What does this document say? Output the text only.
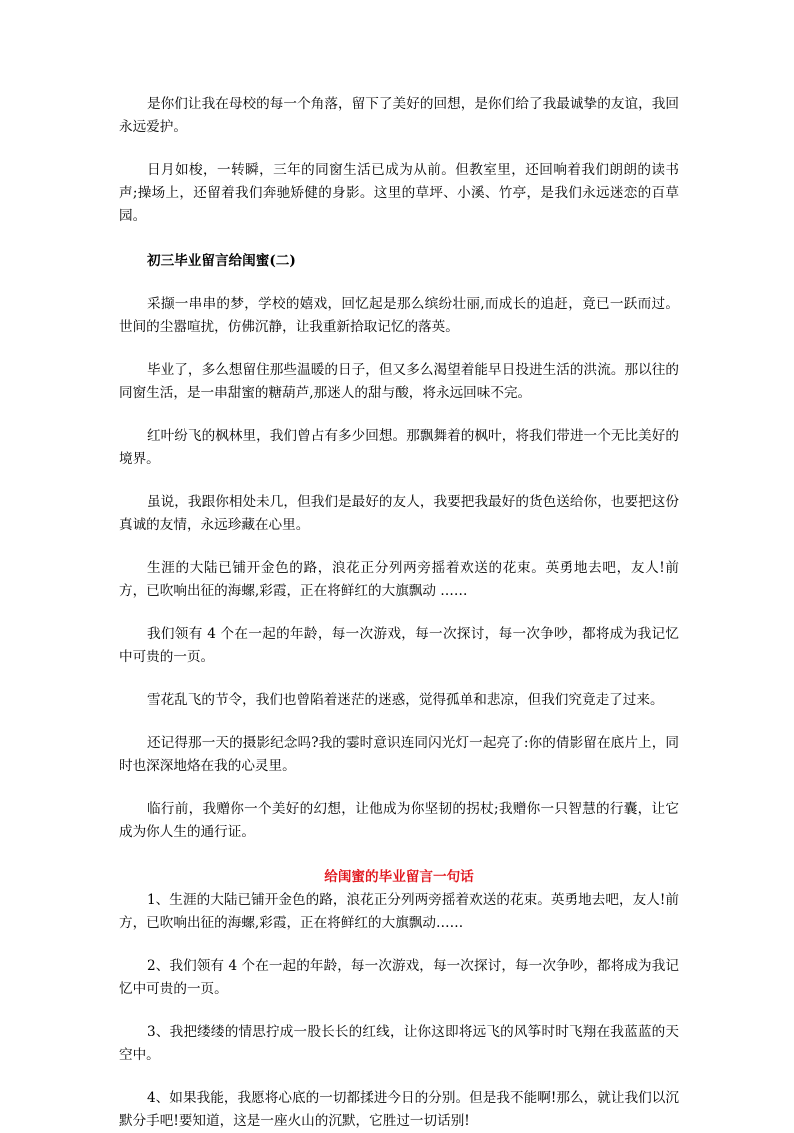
是你们让我在母校的每一个角落，留下了美好的回想，是你们给了我最诚挚的友谊，我回永远爱护。

日月如梭，一转瞬，三年的同窗生活已成为从前。但教室里，还回响着我们朗朗的读书声;操场上，还留着我们奔驰矫健的身影。这里的草坪、小溪、竹亭，是我们永远迷恋的百草园。

初三毕业留言给闺蜜(二)

采撷一串串的梦，学校的嬉戏，回忆起是那么缤纷壮丽,而成长的追赶，竟已一跃而过。世间的尘嚣喧扰，仿佛沉静，让我重新拾取记忆的落英。

毕业了，多么想留住那些温暖的日子，但又多么渴望着能早日投进生活的洪流。那以往的同窗生活，是一串甜蜜的糖葫芦,那迷人的甜与酸，将永远回味不完。

红叶纷飞的枫林里，我们曾占有多少回想。那飘舞着的枫叶，将我们带进一个无比美好的境界。

虽说，我跟你相处未几，但我们是最好的友人，我要把我最好的货色送给你，也要把这份真诚的友情，永远珍藏在心里。

生涯的大陆已铺开金色的路，浪花正分列两旁摇着欢送的花束。英勇地去吧，友人!前方，已吹响出征的海螺,彩霞，正在将鲜红的大旗飘动 ……

我们领有 4 个在一起的年龄，每一次游戏，每一次探讨，每一次争吵，都将成为我记忆中可贵的一页。

雪花乱飞的节令，我们也曾陷着迷茫的迷惑，觉得孤单和悲凉，但我们究竟走了过来。

还记得那一天的摄影纪念吗?我的霎时意识连同闪光灯一起亮了:你的倩影留在底片上，同时也深深地烙在我的心灵里。

临行前，我赠你一个美好的幻想，让他成为你坚韧的拐杖;我赠你一只智慧的行囊，让它成为你人生的通行证。

给闺蜜的毕业留言一句话

1、生涯的大陆已铺开金色的路，浪花正分列两旁摇着欢送的花束。英勇地去吧，友人!前方，已吹响出征的海螺,彩霞，正在将鲜红的大旗飘动……

2、我们领有 4 个在一起的年龄，每一次游戏，每一次探讨，每一次争吵，都将成为我记忆中可贵的一页。

3、我把缕缕的情思拧成一股长长的红线，让你这即将远飞的风筝时时飞翔在我蓝蓝的天空中。

4、如果我能，我愿将心底的一切都揉进今日的分别。但是我不能啊!那么，就让我们以沉默分手吧!要知道，这是一座火山的沉默，它胜过一切话别!
